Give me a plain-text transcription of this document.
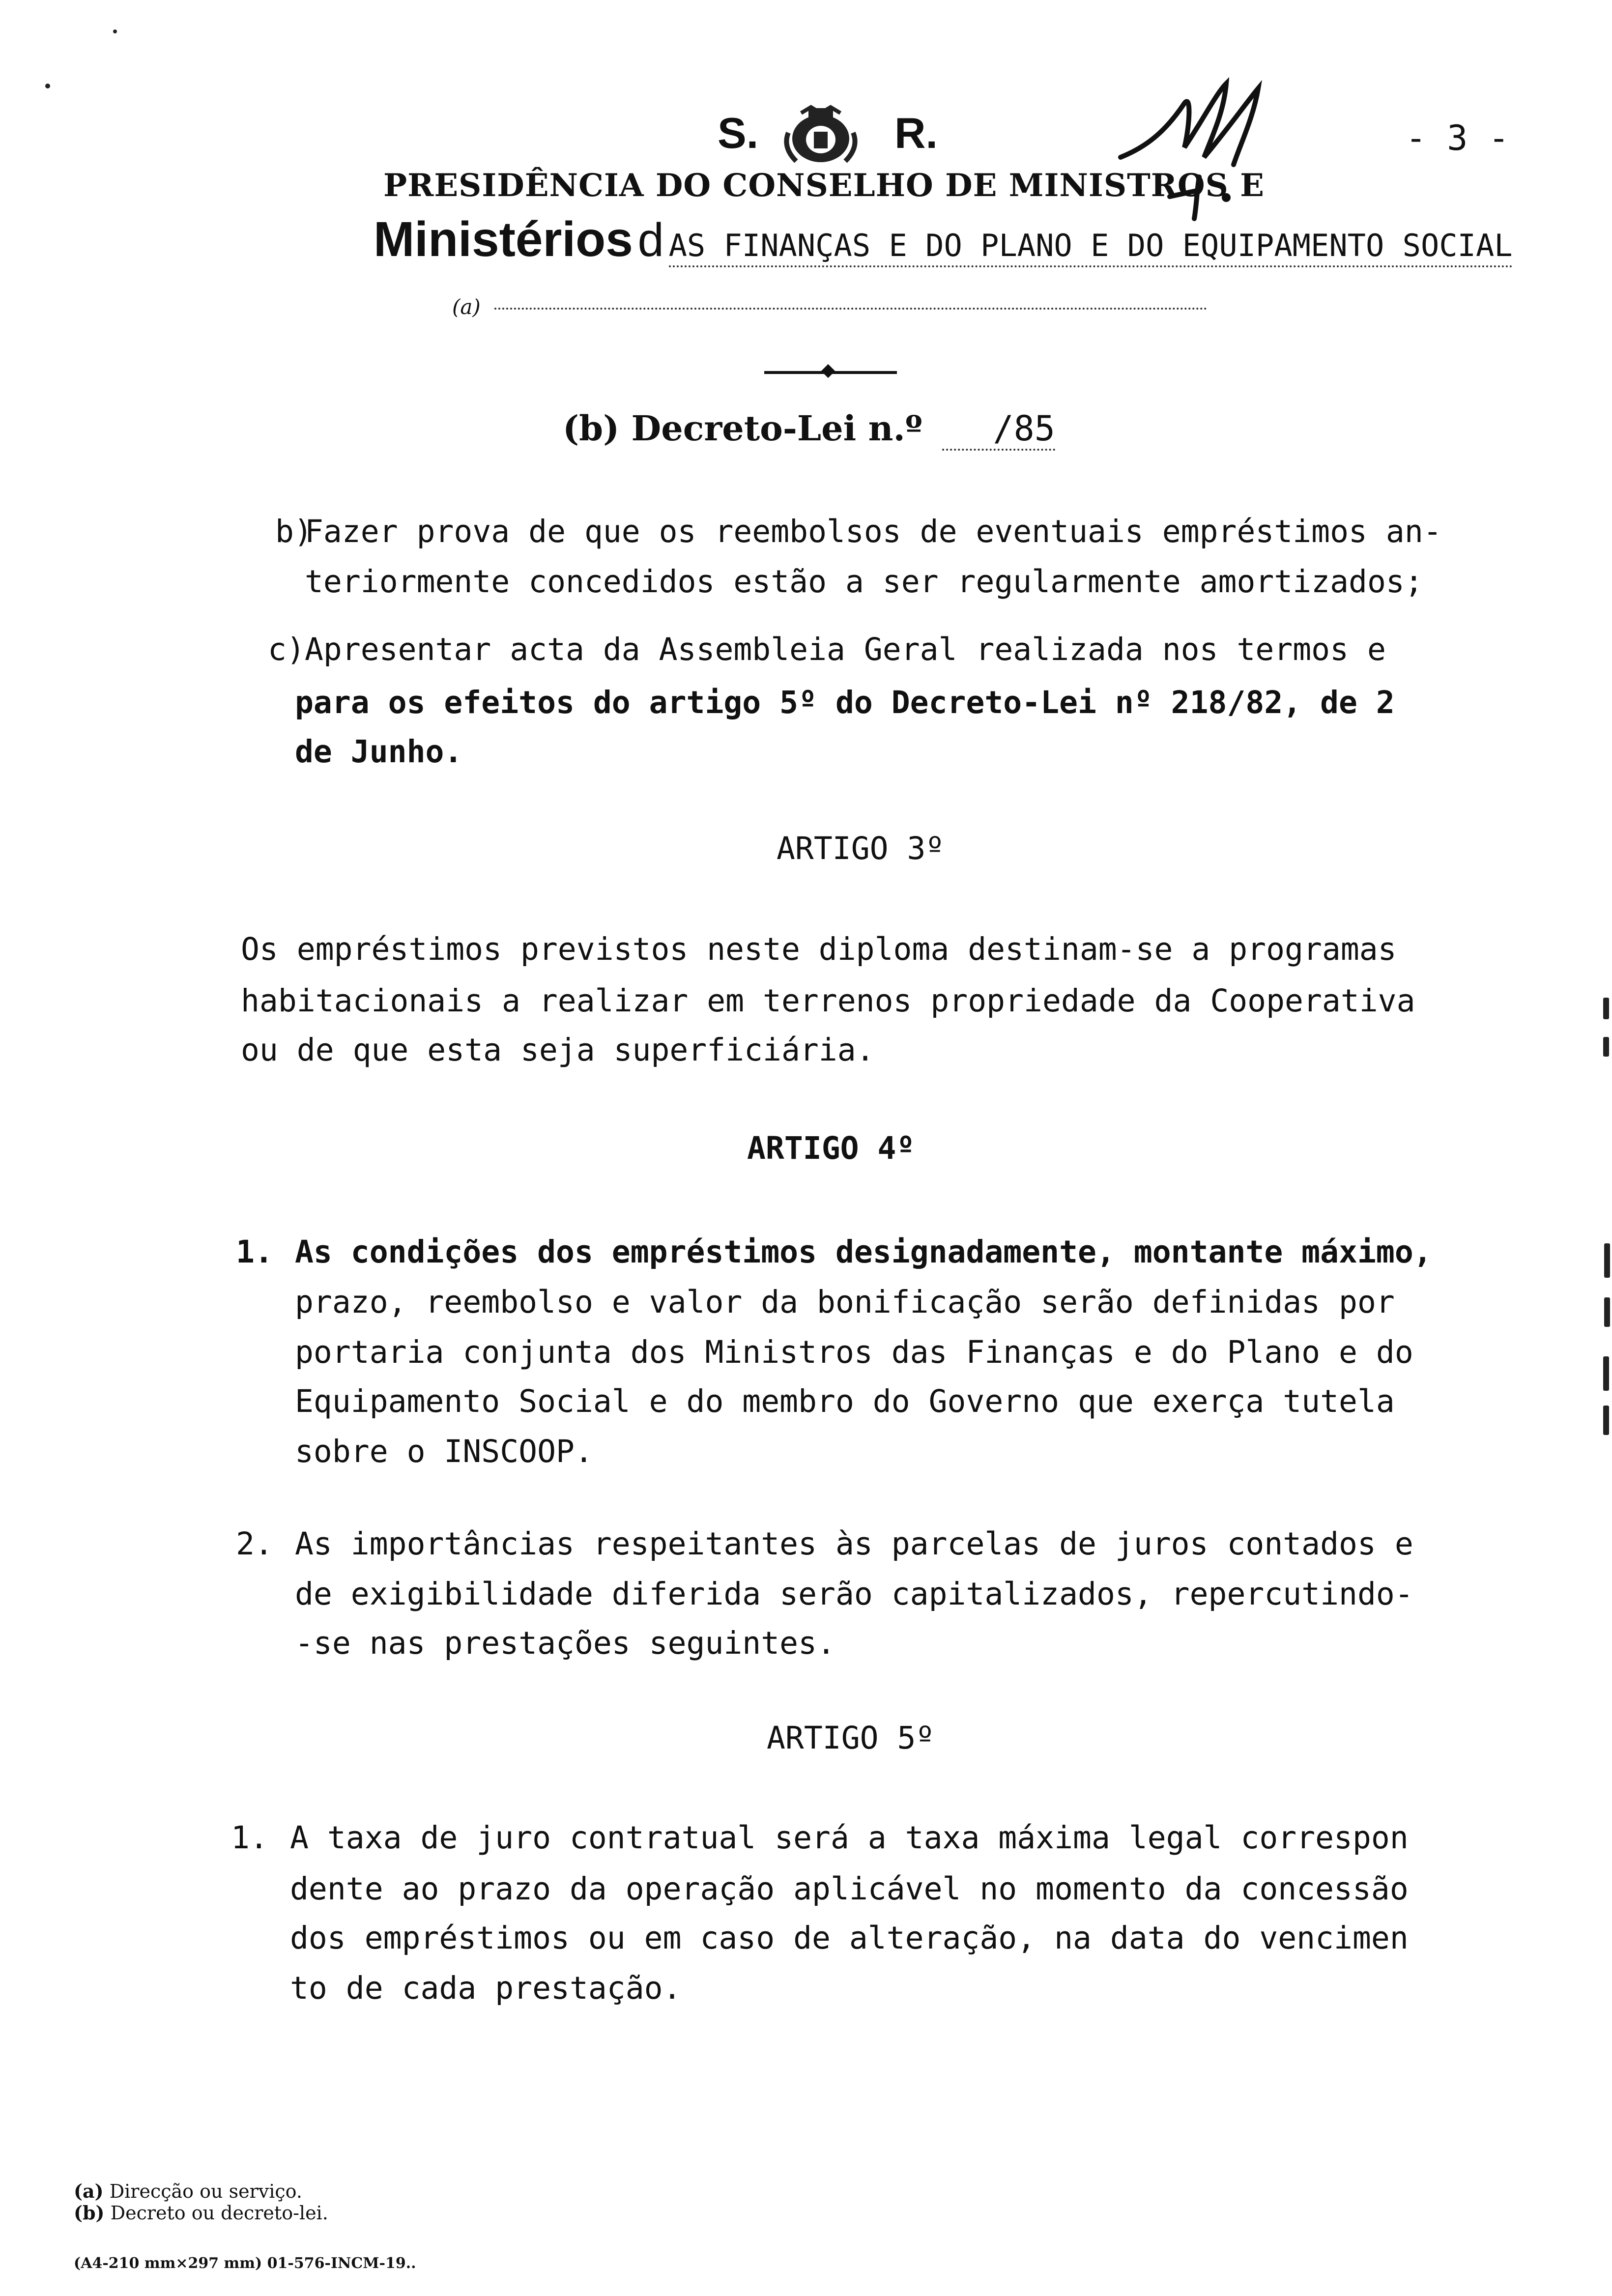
S.	R.	- 3 -
PRESIDÊNCIA DO CONSELHO DE MINISTROS E
Ministérios d AS FINANÇAS E DO PLANO E DO EQUIPAMENTO SOCIAL
(a)
(b) Decreto-Lei n.º /85
b)
Fazer prova de que os reembolsos de eventuais empréstimos an-
teriormente concedidos estão a ser regularmente amortizados;
c) Apresentar acta da Assembleia Geral realizada nos termos e
para os efeitos do artigo 5º do Decreto-Lei nº 218/82, de 2
de Junho.
ARTIGO 3º
Os empréstimos previstos neste diploma destinam-se a programas
habitacionais a realizar em terrenos propriedade da Cooperativa
ou de que esta seja superficiária.
ARTIGO 4º
1. As condições dos empréstimos designadamente, montante máximo,
prazo, reembolso e valor da bonificação serão definidas por
portaria conjunta dos Ministros das Finanças e do Plano e do
Equipamento Social e do membro do Governo que exerça tutela
sobre o INSCOOP.
2. As importâncias respeitantes às parcelas de juros contados e
de exigibilidade diferida serão capitalizados, repercutindo-
-se nas prestações seguintes.
ARTIGO 5º
1. A taxa de juro contratual será a taxa máxima legal correspon
dente ao prazo da operação aplicável no momento da concessão
dos empréstimos ou em caso de alteração, na data do vencimen
to de cada prestação.
(a) Direcção ou serviço.
(b) Decreto ou decreto-lei.
(A4-210 mm×297 mm) 01-576-INCM-19..
